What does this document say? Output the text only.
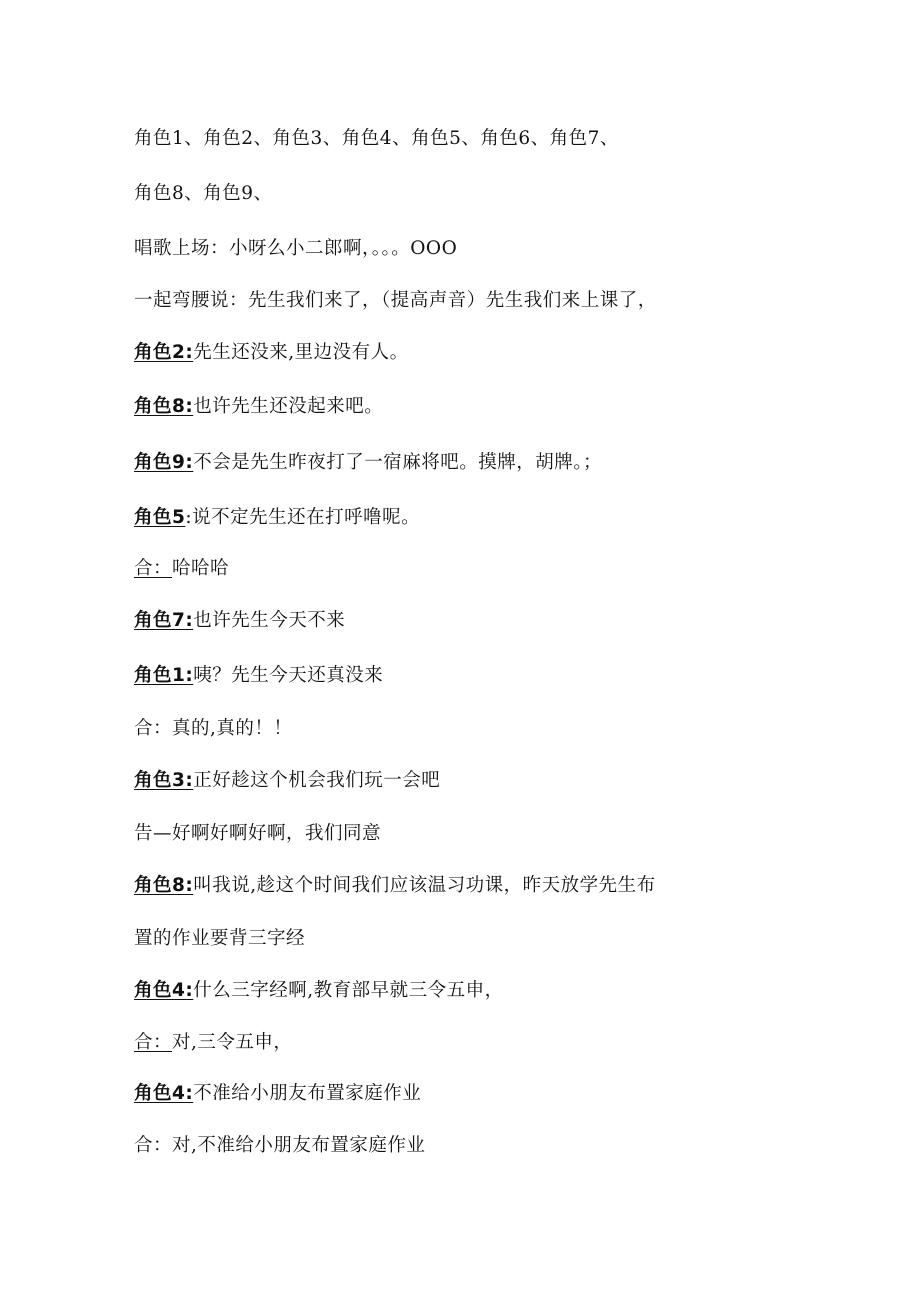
角色1、角色2、角色3、角色4、角色5、角色6、角色7、
角色8、角色9、
唱歌上场：小呀么小二郎啊，。。。OOO
一起弯腰说：先生我们来了，（提高声音）先生我们来上课了，
角色2:先生还没来,里边没有人。
角色8:也许先生还没起来吧。
角色9:不会是先生昨夜打了一宿麻将吧。摸牌，胡牌。；
角色5:说不定先生还在打呼噜呢。
合：哈哈哈
角色7:也许先生今天不来
角色1:咦？先生今天还真没来
合：真的,真的！！
角色3:正好趁这个机会我们玩一会吧
告—好啊好啊好啊，我们同意
角色8:叫我说,趁这个时间我们应该温习功课，昨天放学先生布
置的作业要背三字经
角色4:什么三字经啊,教育部早就三令五申，
合：对,三令五申，
角色4:不准给小朋友布置家庭作业
合：对,不准给小朋友布置家庭作业
